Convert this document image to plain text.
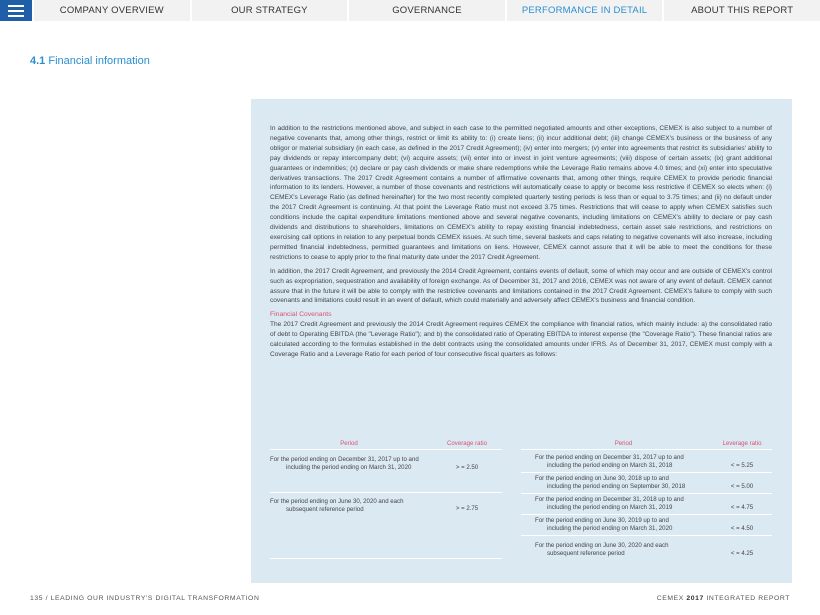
COMPANY OVERVIEW	OUR STRATEGY	GOVERNANCE	PERFORMANCE IN DETAIL	ABOUT THIS REPORT
4.1 Financial information

In addition to the restrictions mentioned above, and subject in each case to the permitted negotiated amounts and other exceptions, CEMEX is also subject to a number of negative covenants that, among other things, restrict or limit its ability to: (i) create liens; (ii) incur additional debt; (iii) change CEMEX's business or the business of any obligor or material subsidiary (in each case, as defined in the 2017 Credit Agreement); (iv) enter into mergers; (v) enter into agreements that restrict its subsidiaries' ability to pay dividends or repay intercompany debt; (vi) acquire assets; (vii) enter into or invest in joint venture agreements; (viii) dispose of certain assets; (ix) grant additional guarantees or indemnities; (x) declare or pay cash dividends or make share redemptions while the Leverage Ratio remains above 4.0 times; and (xi) enter into speculative derivatives transactions. The 2017 Credit Agreement contains a number of affirmative covenants that, among other things, require CEMEX to provide periodic financial information to its lenders. However, a number of those covenants and restrictions will automatically cease to apply or become less restrictive if CEMEX so elects when: (i) CEMEX's Leverage Ratio (as defined hereinafter) for the two most recently completed quarterly testing periods is less than or equal to 3.75 times; and (ii) no default under the 2017 Credit Agreement is continuing. At that point the Leverage Ratio must not exceed 3.75 times. Restrictions that will cease to apply when CEMEX satisfies such conditions include the capital expenditure limitations mentioned above and several negative covenants, including limitations on CEMEX's ability to declare or pay cash dividends and distributions to shareholders, limitations on CEMEX's ability to repay existing financial indebtedness, certain asset sale restrictions, and restrictions on exercising call options in relation to any perpetual bonds CEMEX issues. At such time, several baskets and caps relating to negative covenants will also increase, including permitted financial indebtedness, permitted guarantees and limitations on liens. However, CEMEX cannot assure that it will be able to meet the conditions for these restrictions to cease to apply prior to the final maturity date under the 2017 Credit Agreement.

In addition, the 2017 Credit Agreement, and previously the 2014 Credit Agreement, contains events of default, some of which may occur and are outside of CEMEX's control such as expropriation, sequestration and availability of foreign exchange. As of December 31, 2017 and 2016, CEMEX was not aware of any event of default. CEMEX cannot assure that in the future it will be able to comply with the restrictive covenants and limitations contained in the 2017 Credit Agreement. CEMEX's failure to comply with such covenants and limitations could result in an event of default, which could materially and adversely affect CEMEX's business and financial condition.

Financial Covenants

The 2017 Credit Agreement and previously the 2014 Credit Agreement requires CEMEX the compliance with financial ratios, which mainly include: a) the consolidated ratio of debt to Operating EBITDA (the "Leverage Ratio"); and b) the consolidated ratio of Operating EBITDA to interest expense (the "Coverage Ratio"). These financial ratios are calculated according to the formulas established in the debt contracts using the consolidated amounts under IFRS. As of December 31, 2017, CEMEX must comply with a Coverage Ratio and a Leverage Ratio for each period of four consecutive fiscal quarters as follows:

Period	Coverage ratio
For the period ending on December 31, 2017 up to and
including the period ending on March 31, 2020	> = 2.50
For the period ending on June 30, 2020 and each
subsequent reference period	> = 2.75
Period	Leverage ratio
For the period ending on December 31, 2017 up to and
including the period ending on March 31, 2018	< = 5.25
For the period ending on June 30, 2018 up to and
including the period ending on September 30, 2018	< = 5.00
For the period ending on December 31, 2018 up to and
including the period ending on March 31, 2019	< = 4.75
For the period ending on June 30, 2019 up to and
including the period ending on March 31, 2020	< = 4.50
For the period ending on June 30, 2020 and each
subsequent reference period	< = 4.25
135 / LEADING OUR INDUSTRY'S DIGITAL TRANSFORMATION	CEMEX 2017 INTEGRATED REPORT
